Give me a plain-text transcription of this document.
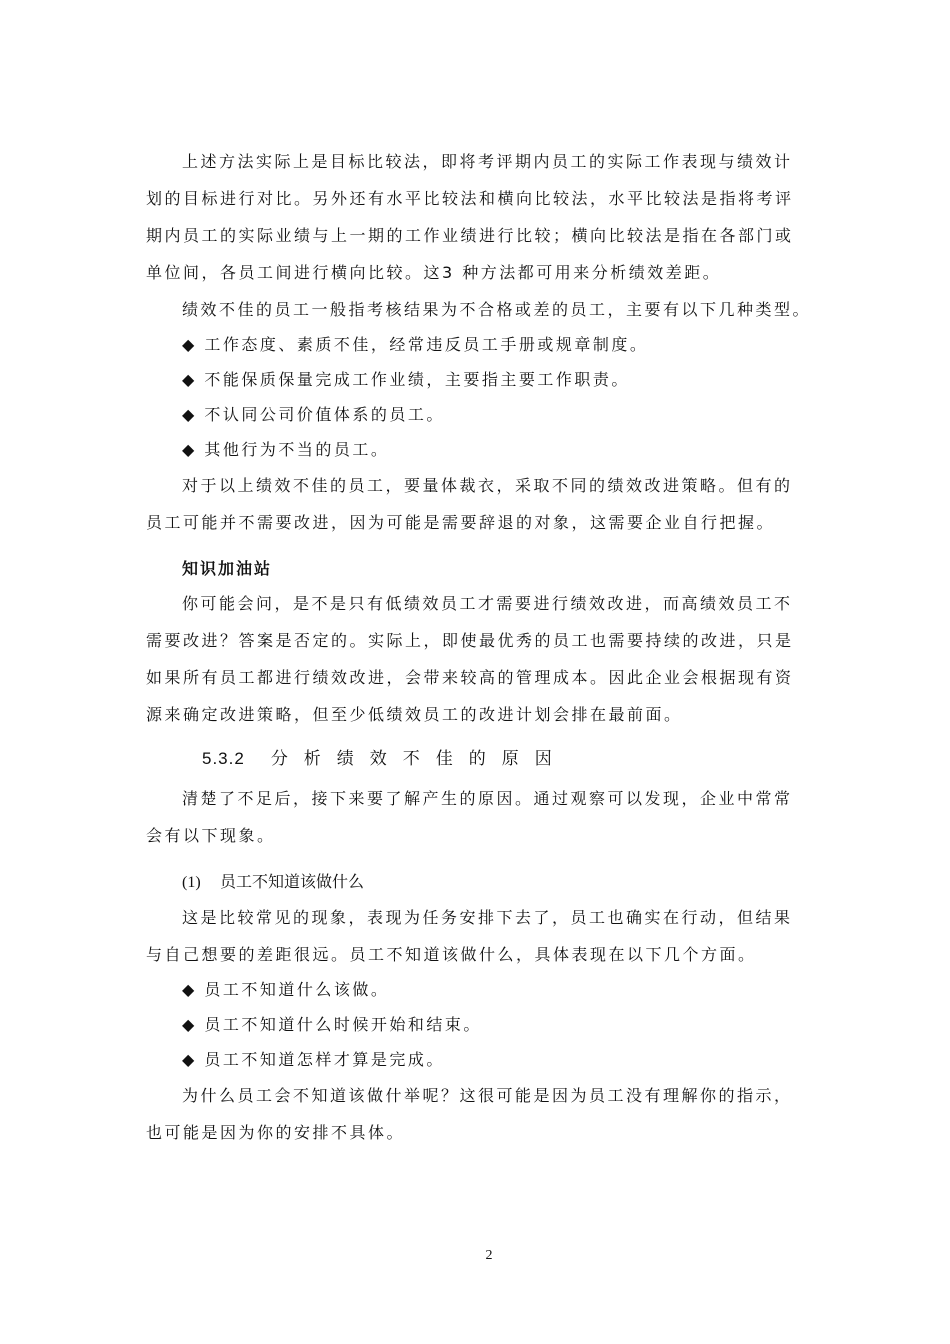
上述方法实际上是目标比较法，即将考评期内员工的实际工作表现与绩效计
划的目标进行对比。另外还有水平比较法和横向比较法，水平比较法是指将考评
期内员工的实际业绩与上一期的工作业绩进行比较；横向比较法是指在各部门或
单位间，各员工间进行横向比较。这3 种方法都可用来分析绩效差距。
绩效不佳的员工一般指考核结果为不合格或差的员工，主要有以下几种类型。
◆ 工作态度、素质不佳，经常违反员工手册或规章制度。
◆ 不能保质保量完成工作业绩，主要指主要工作职责。
◆ 不认同公司价值体系的员工。
◆ 其他行为不当的员工。
对于以上绩效不佳的员工，要量体裁衣，采取不同的绩效改进策略。但有的
员工可能并不需要改进，因为可能是需要辞退的对象，这需要企业自行把握。
知识加油站
你可能会问，是不是只有低绩效员工才需要进行绩效改进，而高绩效员工不
需要改进？答案是否定的。实际上，即使最优秀的员工也需要持续的改进，只是
如果所有员工都进行绩效改进，会带来较高的管理成本。因此企业会根据现有资
源来确定改进策略，但至少低绩效员工的改进计划会排在最前面。
5.3.2 分析绩效不佳的原因
清楚了不足后，接下来要了解产生的原因。通过观察可以发现，企业中常常
会有以下现象。
(1) 员工不知道该做什么
这是比较常见的现象，表现为任务安排下去了，员工也确实在行动，但结果
与自己想要的差距很远。员工不知道该做什么，具体表现在以下几个方面。
◆ 员工不知道什么该做。
◆ 员工不知道什么时候开始和结束。
◆ 员工不知道怎样才算是完成。
为什么员工会不知道该做什举呢？这很可能是因为员工没有理解你的指示，
也可能是因为你的安排不具体。
2
